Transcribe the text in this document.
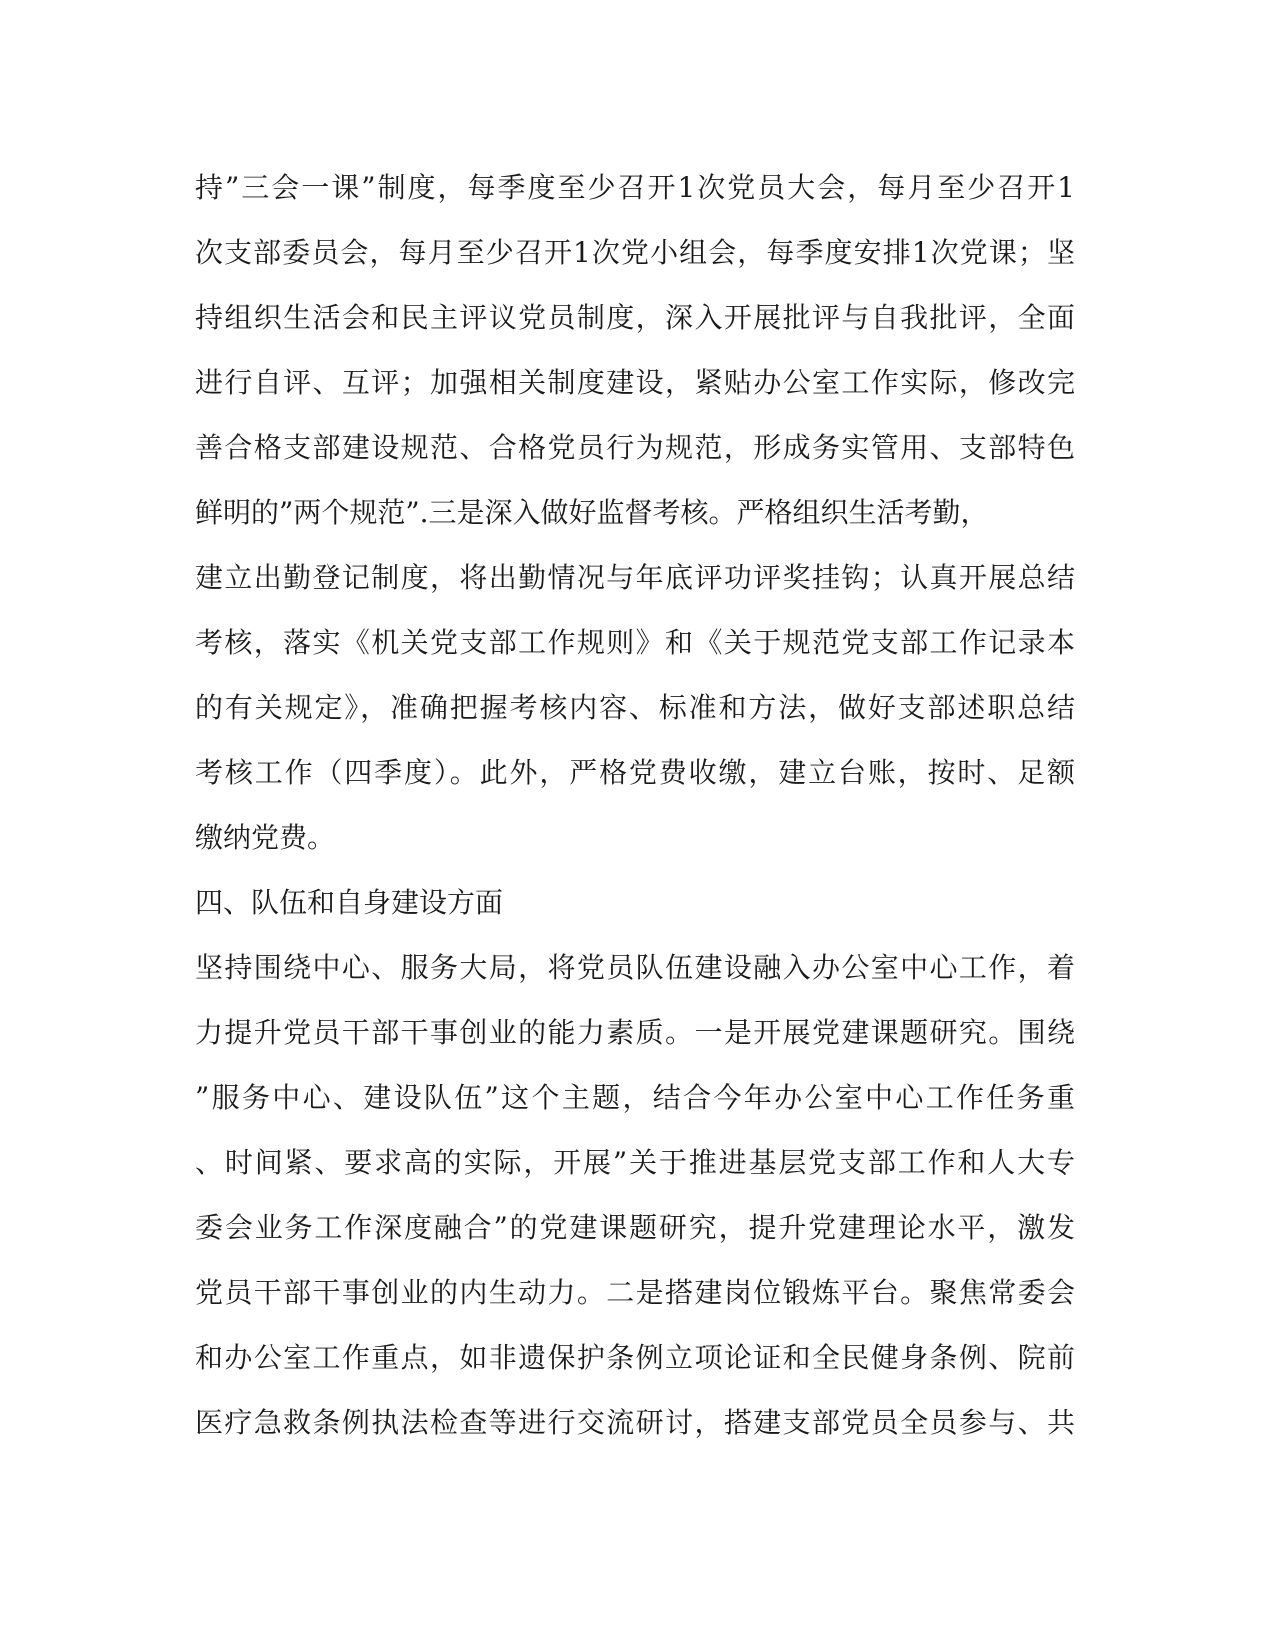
持”三会一课”制度，每季度至少召开1次党员大会，每月至少召开1
次支部委员会，每月至少召开1次党小组会，每季度安排1次党课；坚
持组织生活会和民主评议党员制度，深入开展批评与自我批评，全面
进行自评、互评；加强相关制度建设，紧贴办公室工作实际，修改完
善合格支部建设规范、合格党员行为规范，形成务实管用、支部特色
鲜明的”两个规范”.三是深入做好监督考核。严格组织生活考勤，
建立出勤登记制度，将出勤情况与年底评功评奖挂钩；认真开展总结
考核，落实《机关党支部工作规则》和《关于规范党支部工作记录本
的有关规定》，准确把握考核内容、标准和方法，做好支部述职总结
考核工作（四季度）。此外，严格党费收缴，建立台账，按时、足额
缴纳党费。
四、队伍和自身建设方面
坚持围绕中心、服务大局，将党员队伍建设融入办公室中心工作，着
力提升党员干部干事创业的能力素质。一是开展党建课题研究。围绕
”服务中心、建设队伍”这个主题，结合今年办公室中心工作任务重
、时间紧、要求高的实际，开展”关于推进基层党支部工作和人大专
委会业务工作深度融合”的党建课题研究，提升党建理论水平，激发
党员干部干事创业的内生动力。二是搭建岗位锻炼平台。聚焦常委会
和办公室工作重点，如非遗保护条例立项论证和全民健身条例、院前
医疗急救条例执法检查等进行交流研讨，搭建支部党员全员参与、共
